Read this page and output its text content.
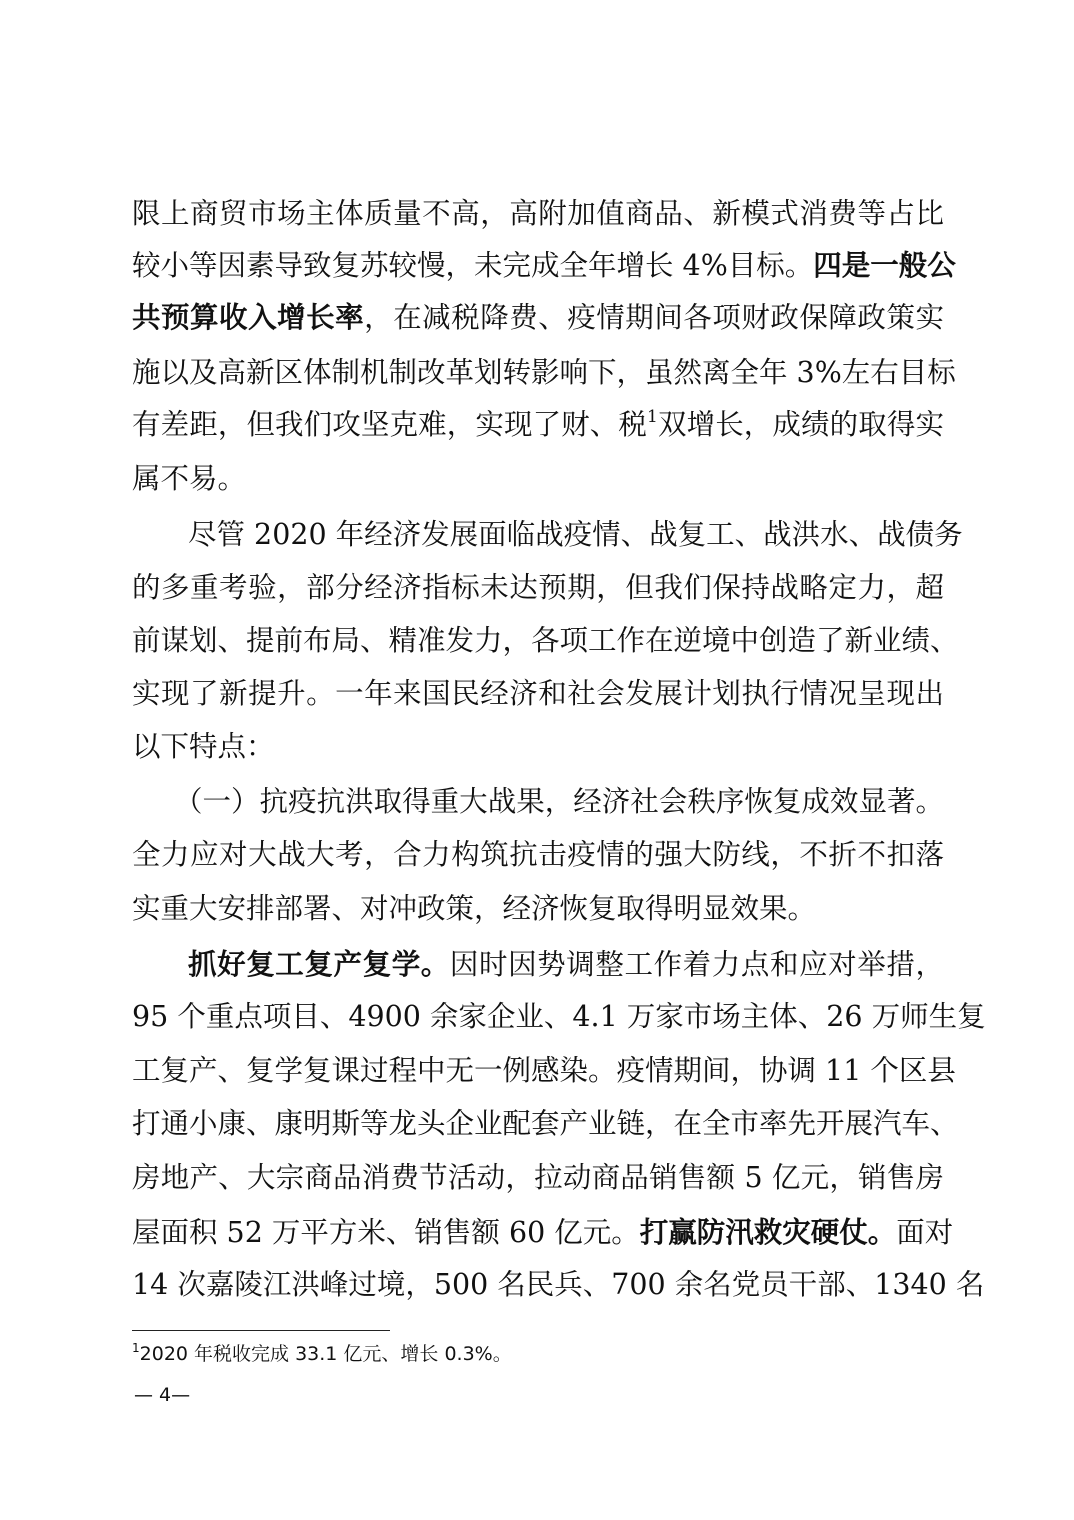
限上商贸市场主体质量不高，高附加值商品、新模式消费等占比
较小等因素导致复苏较慢，未完成全年增长 4%目标。四是一般公
共预算收入增长率，在减税降费、疫情期间各项财政保障政策实
施以及高新区体制机制改革划转影响下，虽然离全年 3%左右目标
有差距，但我们攻坚克难，实现了财、税$^1$双增长，成绩的取得实
属不易。
尽管 2020 年经济发展面临战疫情、战复工、战洪水、战债务
的多重考验，部分经济指标未达预期，但我们保持战略定力，超
前谋划、提前布局、精准发力，各项工作在逆境中创造了新业绩、
实现了新提升。一年来国民经济和社会发展计划执行情况呈现出
以下特点：
（一）抗疫抗洪取得重大战果，经济社会秩序恢复成效显著。
全力应对大战大考，合力构筑抗击疫情的强大防线，不折不扣落
实重大安排部署、对冲政策，经济恢复取得明显效果。
抓好复工复产复学。因时因势调整工作着力点和应对举措，
95 个重点项目、4900 余家企业、4.1 万家市场主体、26 万师生复
工复产、复学复课过程中无一例感染。疫情期间，协调 11 个区县
打通小康、康明斯等龙头企业配套产业链，在全市率先开展汽车、
房地产、大宗商品消费节活动，拉动商品销售额 5 亿元，销售房
屋面积 52 万平方米、销售额 60 亿元。打赢防汛救灾硬仗。面对
14 次嘉陵江洪峰过境，500 名民兵、700 余名党员干部、1340 名
$^1$2020 年税收完成 33.1 亿元、增长 0.3%。
— 4—
